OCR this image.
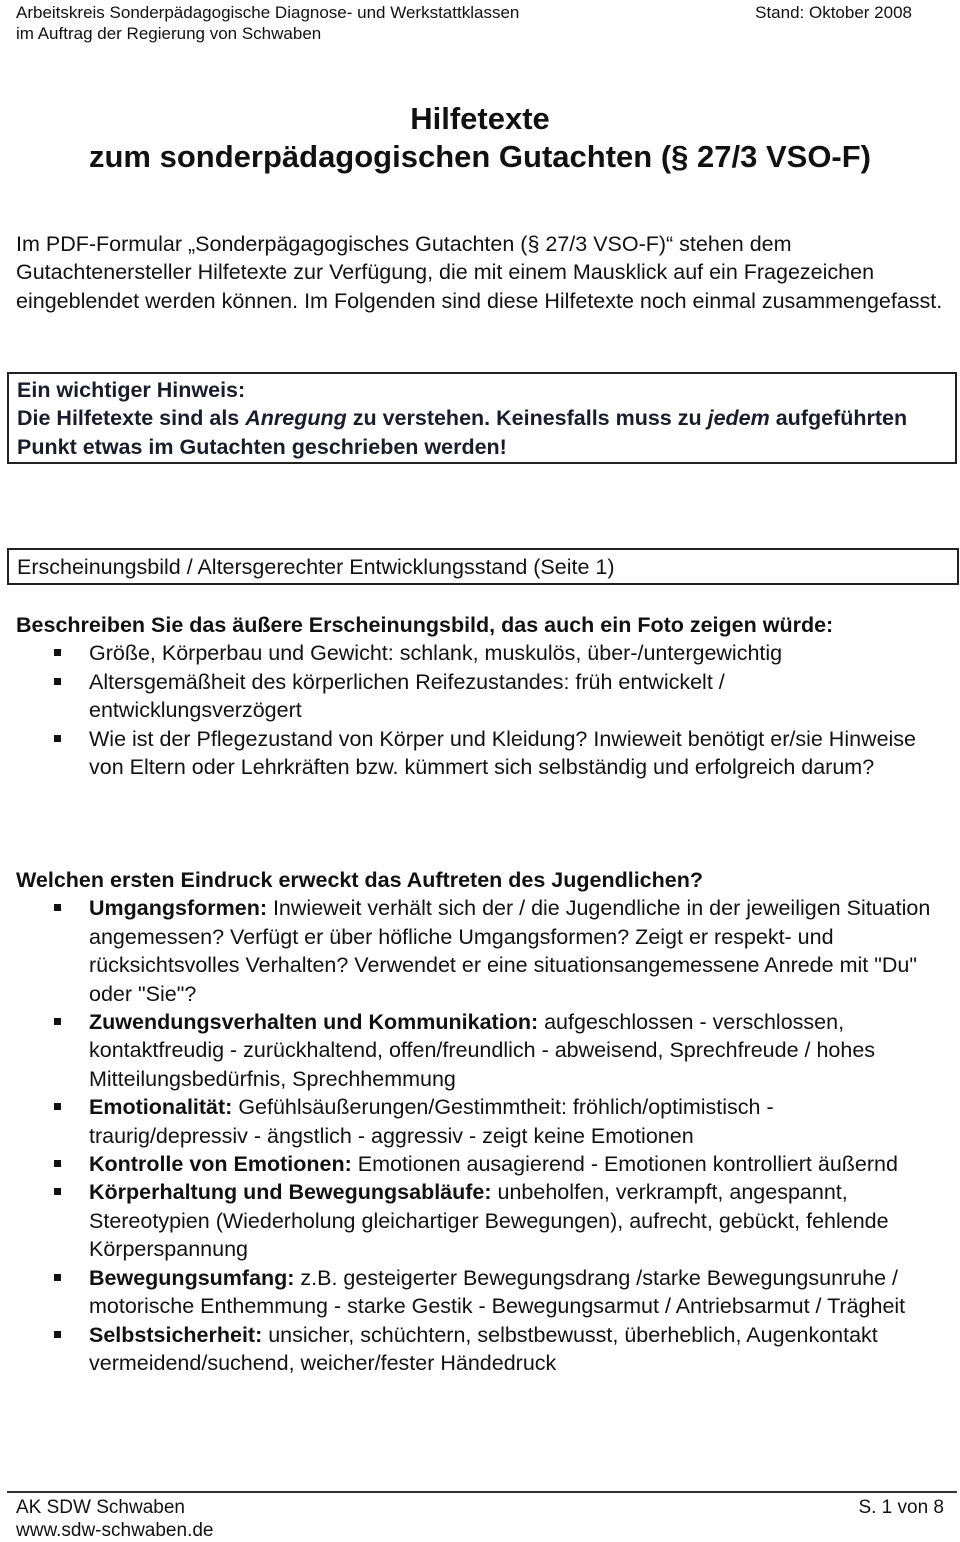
Arbeitskreis Sonderpädagogische Diagnose- und Werkstattklassen
im Auftrag der Regierung von Schwaben
Stand: Oktober 2008
Hilfetexte
zum sonderpädagogischen Gutachten (§ 27/3 VSO-F)
Im PDF-Formular „Sonderpägagogisches Gutachten (§ 27/3 VSO-F)“ stehen dem Gutachtenersteller Hilfetexte zur Verfügung, die mit einem Mausklick auf ein Fragezeichen eingeblendet werden können. Im Folgenden sind diese Hilfetexte noch einmal zusammengefasst.
Ein wichtiger Hinweis:
Die Hilfetexte sind als Anregung zu verstehen. Keinesfalls muss zu jedem aufgeführten Punkt etwas im Gutachten geschrieben werden!
Erscheinungsbild / Altersgerechter Entwicklungsstand (Seite 1)
Beschreiben Sie das äußere Erscheinungsbild, das auch ein Foto zeigen würde:
Größe, Körperbau und Gewicht: schlank, muskulös, über-/untergewichtig
Altersgemäßheit des körperlichen Reifezustandes: früh entwickelt / entwicklungsverzögert
Wie ist der Pflegezustand von Körper und Kleidung? Inwieweit benötigt er/sie Hinweise von Eltern oder Lehrkräften bzw. kümmert sich selbständig und erfolgreich darum?
Welchen ersten Eindruck erweckt das Auftreten des Jugendlichen?
Umgangsformen: Inwieweit verhält sich der / die Jugendliche in der jeweiligen Situation angemessen? Verfügt er über höfliche Umgangsformen? Zeigt er respekt- und rücksichtsvolles Verhalten? Verwendet er eine situationsangemessene Anrede mit "Du" oder "Sie"?
Zuwendungsverhalten und Kommunikation: aufgeschlossen - verschlossen, kontaktfreudig - zurückhaltend, offen/freundlich - abweisend, Sprechfreude / hohes Mitteilungsbedürfnis, Sprechhemmung
Emotionalität: Gefühlsäußerungen/Gestimmtheit: fröhlich/optimistisch - traurig/depressiv - ängstlich - aggressiv - zeigt keine Emotionen
Kontrolle von Emotionen: Emotionen ausagierend - Emotionen kontrolliert äußernd
Körperhaltung und Bewegungsabläufe: unbeholfen, verkrampft, angespannt, Stereotypien (Wiederholung gleichartiger Bewegungen), aufrecht, gebückt, fehlende Körperspannung
Bewegungsumfang: z.B. gesteigerter Bewegungsdrang /starke Bewegungsunruhe / motorische Enthemmung - starke Gestik - Bewegungsarmut / Antriebsarmut / Trägheit
Selbstsicherheit: unsicher, schüchtern, selbstbewusst, überheblich, Augenkontakt vermeidend/suchend, weicher/fester Händedruck
AK SDW Schwaben
www.sdw-schwaben.de
S. 1 von 8
